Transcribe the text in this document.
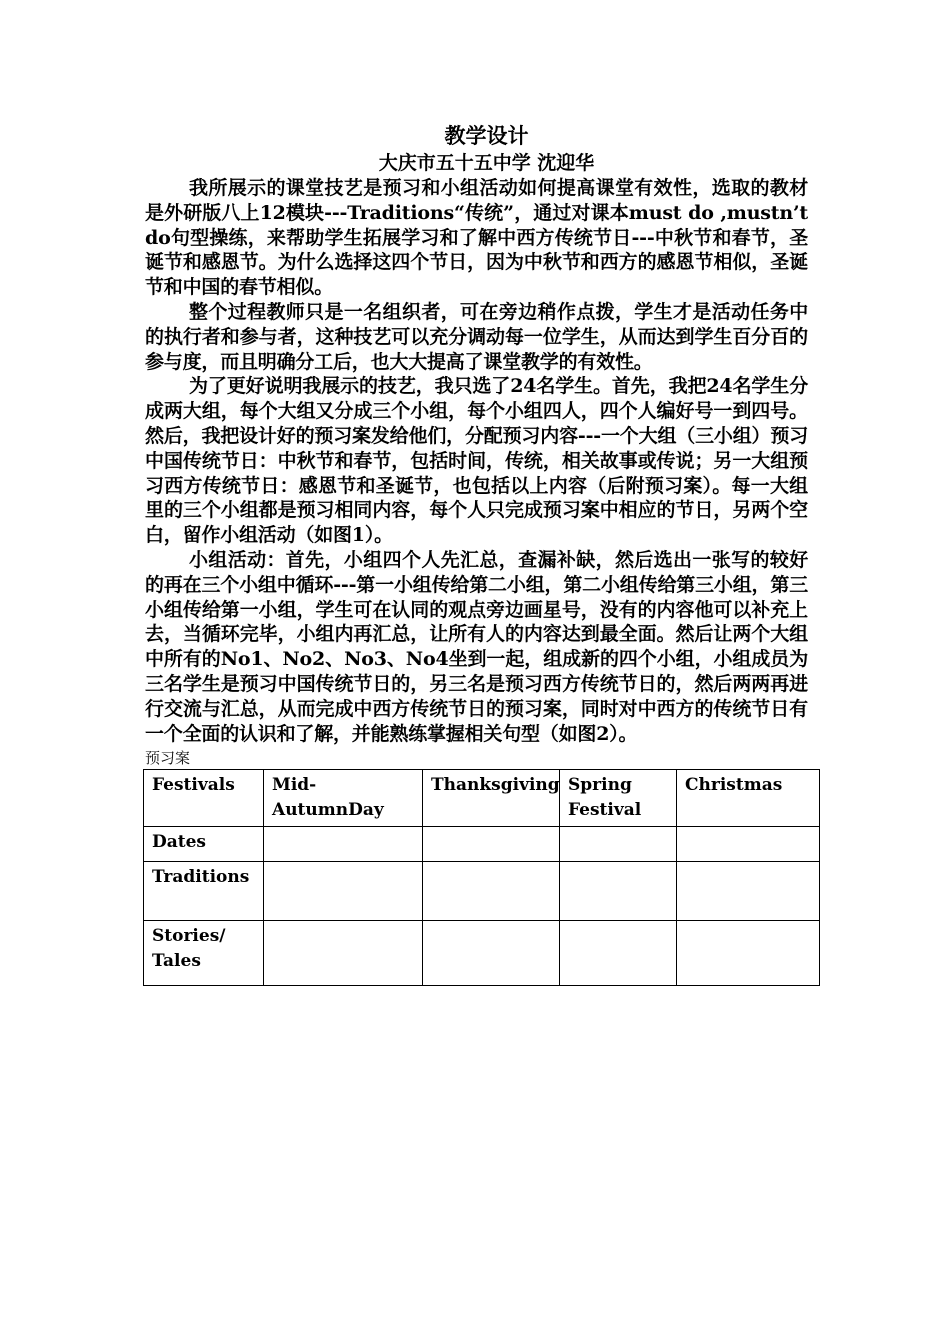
教学设计
大庆市五十五中学 沈迎华

我所展示的课堂技艺是预习和小组活动如何提高课堂有效性，选取的教材是外研版八上12模块---Traditions“传统”，通过对课本must do ,mustn’t do句型操练，来帮助学生拓展学习和了解中西方传统节日---中秋节和春节，圣诞节和感恩节。为什么选择这四个节日，因为中秋节和西方的感恩节相似，圣诞节和中国的春节相似。

整个过程教师只是一名组织者，可在旁边稍作点拨，学生才是活动任务中的执行者和参与者，这种技艺可以充分调动每一位学生，从而达到学生百分百的参与度，而且明确分工后，也大大提高了课堂教学的有效性。

为了更好说明我展示的技艺，我只选了24名学生。首先，我把24名学生分成两大组，每个大组又分成三个小组，每个小组四人，四个人编好号一到四号。然后，我把设计好的预习案发给他们，分配预习内容---一个大组（三小组）预习中国传统节日：中秋节和春节，包括时间，传统，相关故事或传说；另一大组预习西方传统节日：感恩节和圣诞节，也包括以上内容（后附预习案）。每一大组里的三个小组都是预习相同内容，每个人只完成预习案中相应的节日，另两个空白，留作小组活动（如图1）。

小组活动：首先，小组四个人先汇总，查漏补缺，然后选出一张写的较好的再在三个小组中循环---第一小组传给第二小组，第二小组传给第三小组，第三小组传给第一小组，学生可在认同的观点旁边画星号，没有的内容他可以补充上去，当循环完毕，小组内再汇总，让所有人的内容达到最全面。然后让两个大组中所有的No1、No2、No3、No4坐到一起，组成新的四个小组，小组成员为三名学生是预习中国传统节日的，另三名是预习西方传统节日的，然后两两再进行交流与汇总，从而完成中西方传统节日的预习案，同时对中西方的传统节日有一个全面的认识和了解，并能熟练掌握相关句型（如图2）。

预习案
Festivals	Mid-AutumnDay	Thanksgiving	Spring Festival	Christmas
Dates				
Traditions				
Stories/ Tales				
